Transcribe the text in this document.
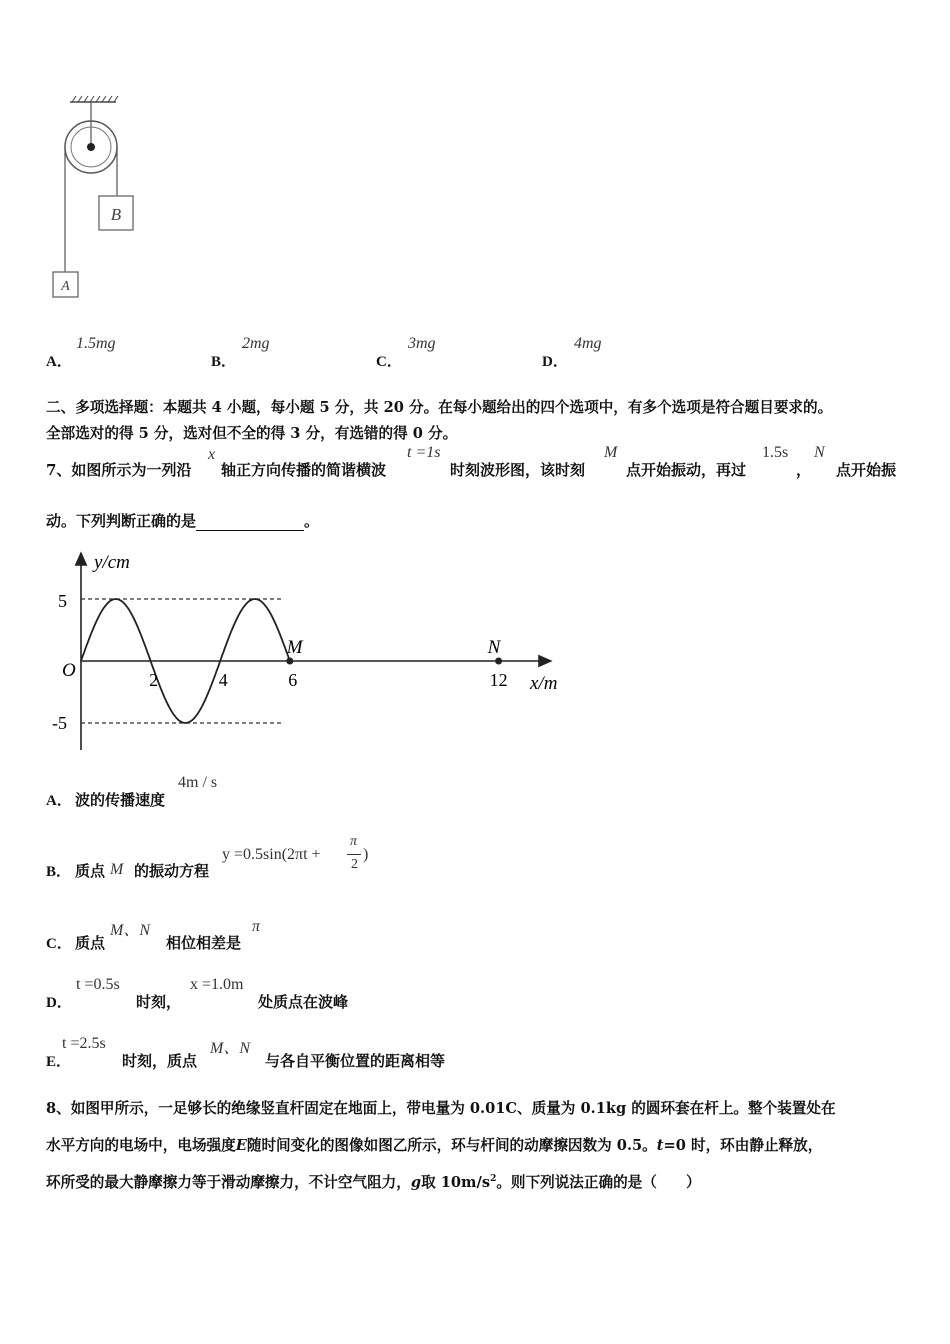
B
A
A．
1.5mg
B．
2mg
C．
3mg
D．
4mg
二、多项选择题：本题共 4 小题，每小题 5 分，共 20 分。在每小题给出的四个选项中，有多个选项是符合题目要求的。
全部选对的得 5 分，选对但不全的得 3 分，有选错的得 0 分。
7、如图所示为一列沿
x
轴正方向传播的简谐横波
t =1s
时刻波形图，该时刻
M
点开始振动，再过
1.5s
，
N
点开始振
动。下列判断正确的是	。
y/cm
x/m
O
5
-5
2	4	6	12
M	N
A． 波的传播速度
4m / s
B． 质点 M 的振动方程
y =0.5sin(2πt +
π
2
)
C． 质点
M、N
相位相差是
π
D．
t =0.5s
时刻，
x =1.0m
处质点在波峰
E．
t =2.5s
时刻，质点
M、N
与各自平衡位置的距离相等
8、如图甲所示，一足够长的绝缘竖直杆固定在地面上，带电量为 0.01C、质量为 0.1kg 的圆环套在杆上。整个装置处在
水平方向的电场中，电场强度E随时间变化的图像如图乙所示，环与杆间的动摩擦因数为 0.5。t=0 时，环由静止释放，
环所受的最大静摩擦力等于滑动摩擦力，不计空气阻力，g取 $10m/s^2$。则下列说法正确的是（　　）
